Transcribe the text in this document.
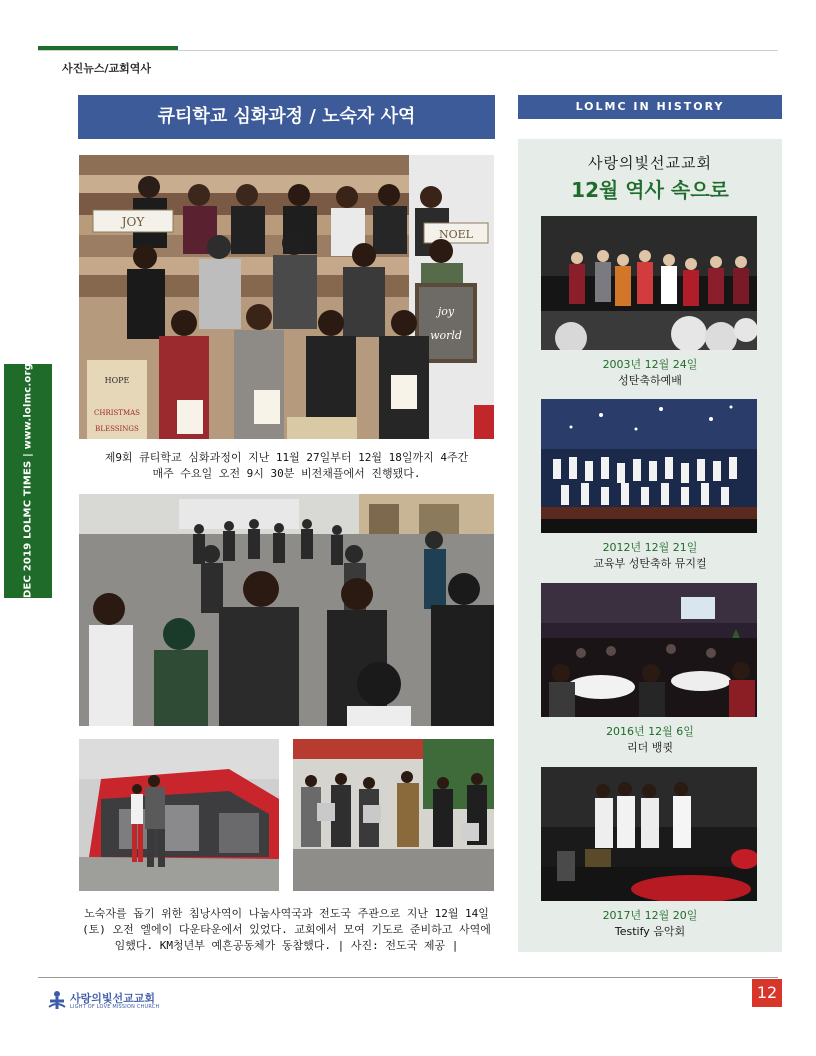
사진뉴스/교회역사
DEC 2019 LOLMC TIMES | www.lolmc.org
큐티학교 심화과정 / 노숙자 사역
JOY
NOEL
joy
world
HOPE
CHRISTMAS
BLESSINGS
제9회 큐티학교 심화과정이 지난 11월 27일부터 12월 18일까지 4주간
매주 수요일 오전 9시 30분 비전채플에서 진행됐다.
노숙자를 돕기 위한 침낭사역이 나눔사역국과 전도국 주관으로 지난 12월 14일
(토) 오전 엘에이 다운타운에서 있었다. 교회에서 모여 기도로 준비하고 사역에
임했다. KM청년부 예흔공동체가 동참했다. | 사진: 전도국 제공 |
LOLMC IN HISTORY
사랑의빛선교교회
12월 역사 속으로
2003년 12월 24일
성탄축하예배
2012년 12월 21일
교육부 성탄축하 뮤지컬
2016년 12월 6일
리더 뱅큇
2017년 12월 20일
Testify 음악회
사랑의빛선교교회
LIGHT OF LOVE MISSION CHURCH
12
